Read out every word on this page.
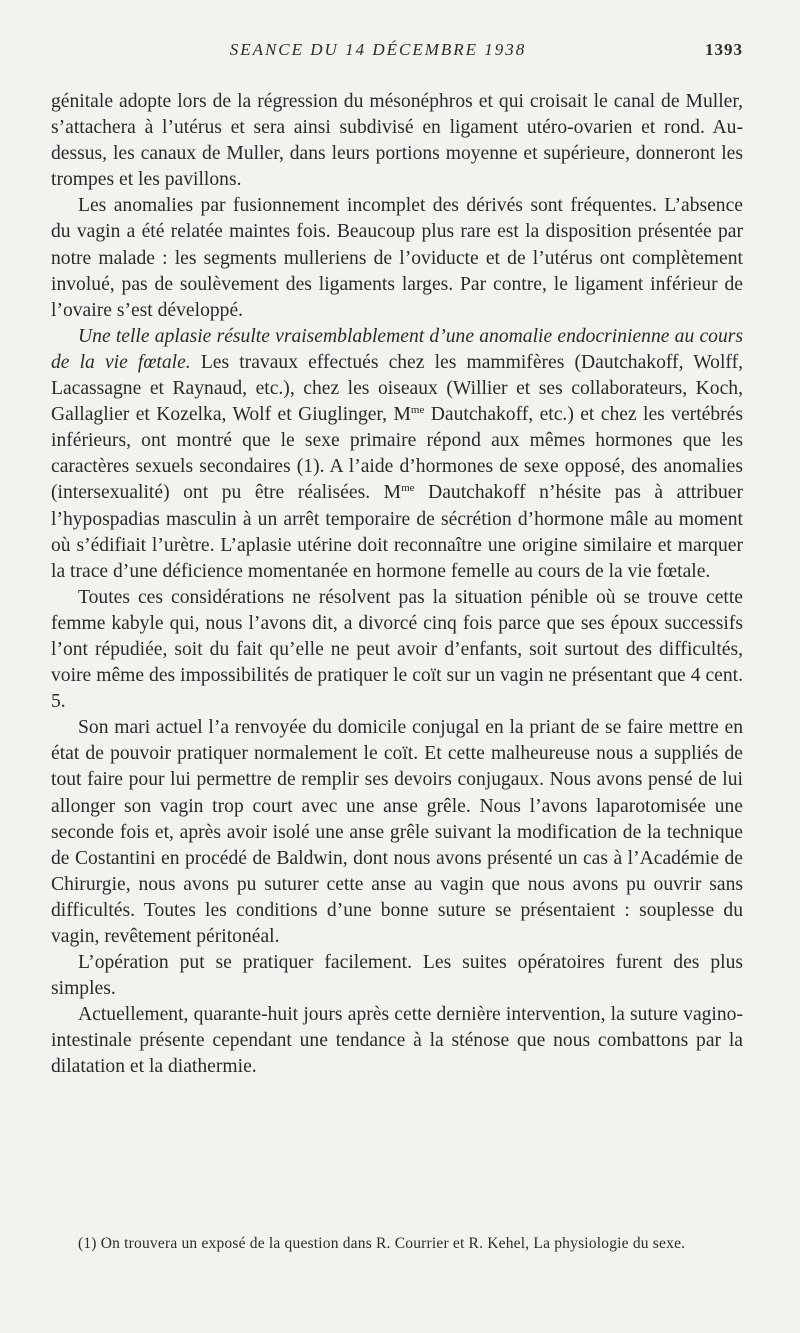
SEANCE DU 14 DÉCEMBRE 1938	1393

génitale adopte lors de la régression du mésonéphros et qui croisait le canal de Muller, s’attachera à l’utérus et sera ainsi subdivisé en ligament utéro-ovarien et rond. Au-dessus, les canaux de Muller, dans leurs portions moyenne et supérieure, donneront les trompes et les pavillons.

Les anomalies par fusionnement incomplet des dérivés sont fréquentes. L’absence du vagin a été relatée maintes fois. Beaucoup plus rare est la disposition présentée par notre malade : les segments mulleriens de l’oviducte et de l’utérus ont complètement involué, pas de soulèvement des ligaments larges. Par contre, le ligament inférieur de l’ovaire s’est développé.

Une telle aplasie résulte vraisemblablement d’une anomalie endocrinienne au cours de la vie fœtale. Les travaux effectués chez les mammifères (Dautchakoff, Wolff, Lacassagne et Raynaud, etc.), chez les oiseaux (Willier et ses collaborateurs, Koch, Gallaglier et Kozelka, Wolf et Giuglinger, $M^{me}$ Dautchakoff, etc.) et chez les vertébrés inférieurs, ont montré que le sexe primaire répond aux mêmes hormones que les caractères sexuels secondaires (1). A l’aide d’hormones de sexe opposé, des anomalies (intersexualité) ont pu être réalisées. $M^{me}$ Dautchakoff n’hésite pas à attribuer l’hypospadias masculin à un arrêt temporaire de sécrétion d’hormone mâle au moment où s’édifiait l’urètre. L’aplasie utérine doit reconnaître une origine similaire et marquer la trace d’une déficience momentanée en hormone femelle au cours de la vie fœtale.

Toutes ces considérations ne résolvent pas la situation pénible où se trouve cette femme kabyle qui, nous l’avons dit, a divorcé cinq fois parce que ses époux successifs l’ont répudiée, soit du fait qu’elle ne peut avoir d’enfants, soit surtout des difficultés, voire même des impossibilités de pratiquer le coït sur un vagin ne présentant que 4 cent. 5.

Son mari actuel l’a renvoyée du domicile conjugal en la priant de se faire mettre en état de pouvoir pratiquer normalement le coït. Et cette malheureuse nous a suppliés de tout faire pour lui permettre de remplir ses devoirs conjugaux. Nous avons pensé de lui allonger son vagin trop court avec une anse grêle. Nous l’avons laparotomisée une seconde fois et, après avoir isolé une anse grêle suivant la modification de la technique de Costantini en procédé de Baldwin, dont nous avons présenté un cas à l’Académie de Chirurgie, nous avons pu suturer cette anse au vagin que nous avons pu ouvrir sans difficultés. Toutes les conditions d’une bonne suture se présentaient : souplesse du vagin, revêtement péritonéal.

L’opération put se pratiquer facilement. Les suites opératoires furent des plus simples.

Actuellement, quarante-huit jours après cette dernière intervention, la suture vagino-intestinale présente cependant une tendance à la sténose que nous combattons par la dilatation et la diathermie.

(1) On trouvera un exposé de la question dans R. Courrier et R. Kehel, La physiologie du sexe.
